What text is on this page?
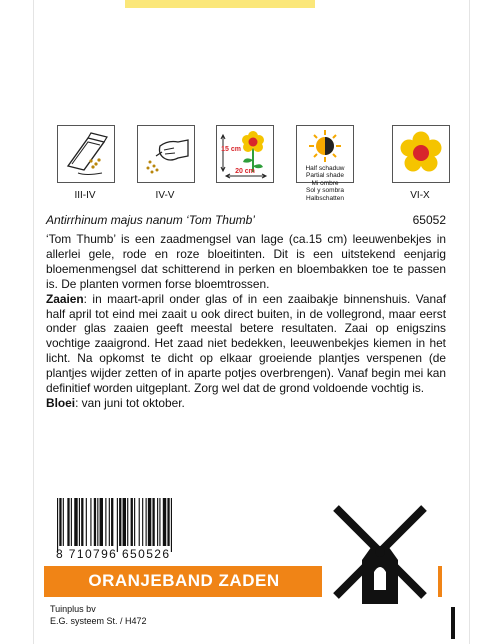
III-IV	IV-V
15 cm
20 cm	Half schaduw
Partial shade
Mi ombre
Sol y sombra
Halbschatten	VI-X
Antirrhinum majus nanum ‘Tom Thumb’	65052

‘Tom Thumb’ is een zaadmengsel van lage (ca.15 cm) leeuwenbekjes in allerlei gele, rode en roze bloeitinten. Dit is een uitstekend eenjarig bloemenmengsel dat schitterend in perken en bloembakken toe te passen is. De planten vormen forse bloemtrossen.

Zaaien: in maart-april onder glas of in een zaaibakje binnenshuis. Vanaf half april tot eind mei zaait u ook direct buiten, in de vollegrond, maar eerst onder glas zaaien geeft meestal betere resultaten. Zaai op enigszins vochtige zaaigrond. Het zaad niet bedekken, leeuwenbekjes kiemen in het licht. Na opkomst te dicht op elkaar groeiende plantjes verspenen (de plantjes wijder zetten of in aparte potjes overbrengen). Vanaf begin mei kan definitief worden uitgeplant. Zorg wel dat de grond voldoende vochtig is.

Bloei: van juni tot oktober.

8 710796 650526
ORANJEBAND ZADEN
Tuinplus bv
E.G. systeem St. / H472
